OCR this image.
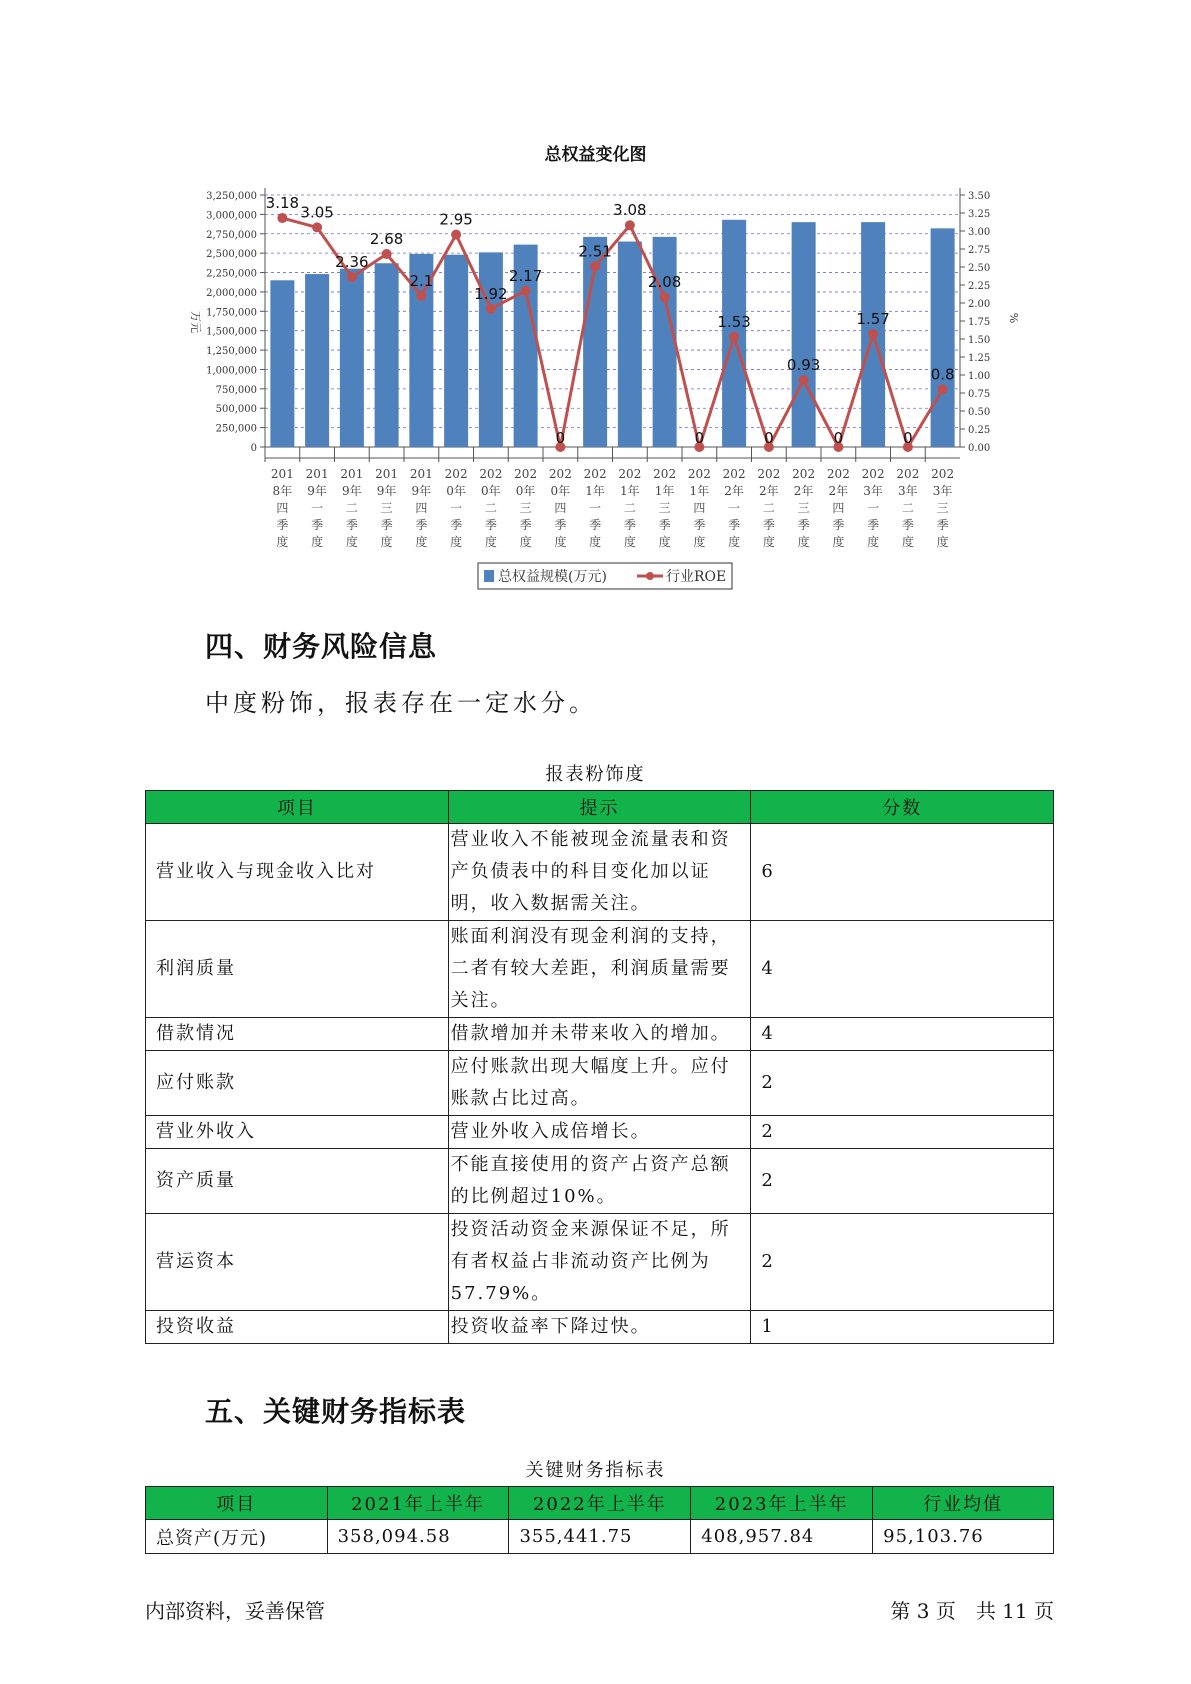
总权益变化图
3,250,000
3,000,000
2,750,000
2,500,000
2,250,000
2,000,000
1,750,000
1,500,000
1,250,000
1,000,000
750,000
500,000
250,000
0
3.50
3.25
3.00
2.75
2.50
2.25
2.00
1.75
1.50
1.25
1.00
0.75
0.50
0.25
0.00
万元	%
201
8年
四
季
度
201
9年
一
季
度
201
9年
二
季
度
201
9年
三
季
度
201
9年
四
季
度
202
0年
一
季
度
202
0年
二
季
度
202
0年
三
季
度
202
0年
四
季
度
202
1年
一
季
度
202
1年
二
季
度
202
1年
三
季
度
202
1年
四
季
度
202
2年
一
季
度
202
2年
二
季
度
202
2年
三
季
度
202
2年
四
季
度
202
3年
一
季
度
202
3年
二
季
度
202
3年
三
季
度
3.18
3.05
2.36
2.68
2.1
2.95
1.92
2.17
0
2.51
3.08
2.08
0
1.53
0
0.93
0
1.57
0
0.8
总权益规模(万元)	行业ROE
四、财务风险信息
中度粉饰，报表存在一定水分。
报表粉饰度
项目	提示	分数
营业收入与现金收入比对	营业收入不能被现金流量表和资产负债表中的科目变化加以证明，收入数据需关注。	6
利润质量	账面利润没有现金利润的支持，二者有较大差距，利润质量需要关注。	4
借款情况	借款增加并未带来收入的增加。	4
应付账款	应付账款出现大幅度上升。应付账款占比过高。	2
营业外收入	营业外收入成倍增长。	2
资产质量	不能直接使用的资产占资产总额的比例超过10%。	2
营运资本	投资活动资金来源保证不足，所有者权益占非流动资产比例为57.79%。	2
投资收益	投资收益率下降过快。	1
五、关键财务指标表
关键财务指标表
项目	2021年上半年	2022年上半年	2023年上半年	行业均值
总资产(万元)	358,094.58	355,441.75	408,957.84	95,103.76
内部资料，妥善保管	第 3 页　共 11 页
